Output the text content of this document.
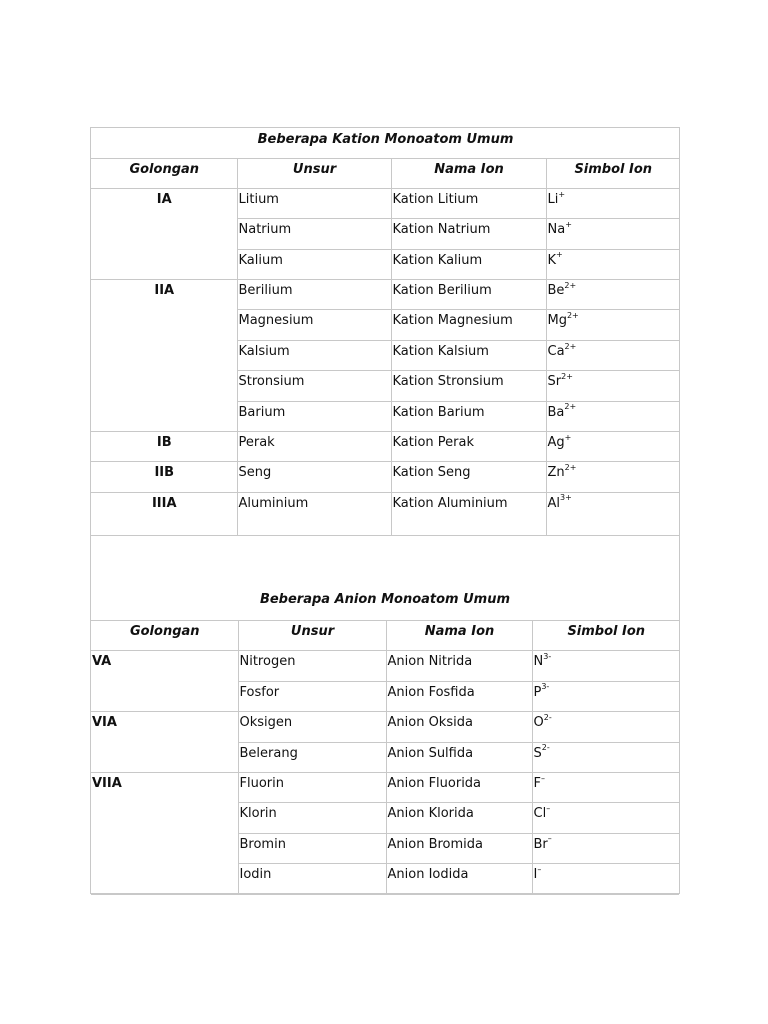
Beberapa Kation Monoatom Umum			
Golongan	Unsur	Nama Ion	Simbol Ion
IA	Litium	Kation Litium	Li+
	Natrium	Kation Natrium	Na+
	Kalium	Kation Kalium	K+
IIA	Berilium	Kation Berilium	$Be^{2+}$
	Magnesium	Kation Magnesium	$Mg^{2+}$
	Kalsium	Kation Kalsium	$Ca^{2+}$
	Stronsium	Kation Stronsium	$Sr^{2+}$
	Barium	Kation Barium	$Ba^{2+}$
IB	Perak	Kation Perak	Ag+
IIB	Seng	Kation Seng	$Zn^{2+}$
IIIA	Aluminium	Kation Aluminium	$Al^{3+}$
Beberapa Anion Monoatom Umum
Golongan	Unsur	Nama Ion	Simbol Ion
VA	Nitrogen	Anion Nitrida	$N^{3-}$
	Fosfor	Anion Fosfida	$P^{3-}$
VIA	Oksigen	Anion Oksida	$O^{2-}$
	Belerang	Anion Sulfida	$S^{2-}$
VIIA	Fluorin	Anion Fluorida	F–
	Klorin	Anion Klorida	Cl–
	Bromin	Anion Bromida	Br–
	Iodin	Anion Iodida	I–
